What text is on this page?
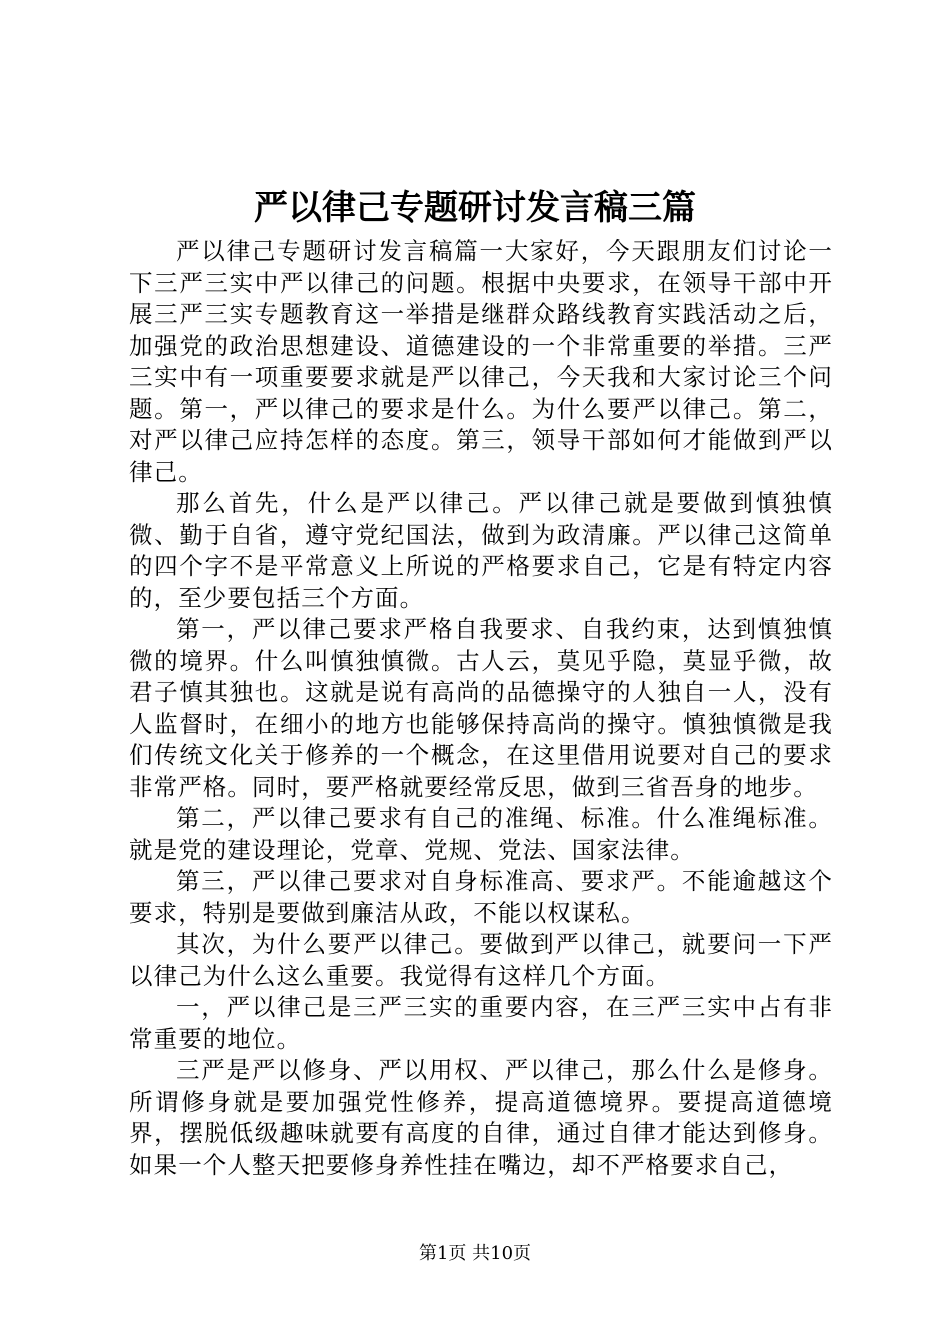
严以律己专题研讨发言稿三篇

严以律己专题研讨发言稿篇一大家好，今天跟朋友们讨论一下三严三实中严以律己的问题。根据中央要求，在领导干部中开展三严三实专题教育这一举措是继群众路线教育实践活动之后，加强党的政治思想建设、道德建设的一个非常重要的举措。三严三实中有一项重要要求就是严以律己，今天我和大家讨论三个问题。第一，严以律己的要求是什么。为什么要严以律己。第二，对严以律己应持怎样的态度。第三，领导干部如何才能做到严以律己。

那么首先，什么是严以律己。严以律己就是要做到慎独慎微、勤于自省，遵守党纪国法，做到为政清廉。严以律己这简单的四个字不是平常意义上所说的严格要求自己，它是有特定内容的，至少要包括三个方面。

第一，严以律己要求严格自我要求、自我约束，达到慎独慎微的境界。什么叫慎独慎微。古人云，莫见乎隐，莫显乎微，故君子慎其独也。这就是说有高尚的品德操守的人独自一人，没有人监督时，在细小的地方也能够保持高尚的操守。慎独慎微是我们传统文化关于修养的一个概念，在这里借用说要对自己的要求非常严格。同时，要严格就要经常反思，做到三省吾身的地步。

第二，严以律己要求有自己的准绳、标准。什么准绳标准。就是党的建设理论，党章、党规、党法、国家法律。

第三，严以律己要求对自身标准高、要求严。不能逾越这个要求，特别是要做到廉洁从政，不能以权谋私。

其次，为什么要严以律己。要做到严以律己，就要问一下严以律己为什么这么重要。我觉得有这样几个方面。

一，严以律己是三严三实的重要内容，在三严三实中占有非常重要的地位。

三严是严以修身、严以用权、严以律己，那么什么是修身。所谓修身就是要加强党性修养，提高道德境界。要提高道德境界，摆脱低级趣味就要有高度的自律，通过自律才能达到修身。如果一个人整天把要修身养性挂在嘴边，却不严格要求自己，

第1页 共10页
